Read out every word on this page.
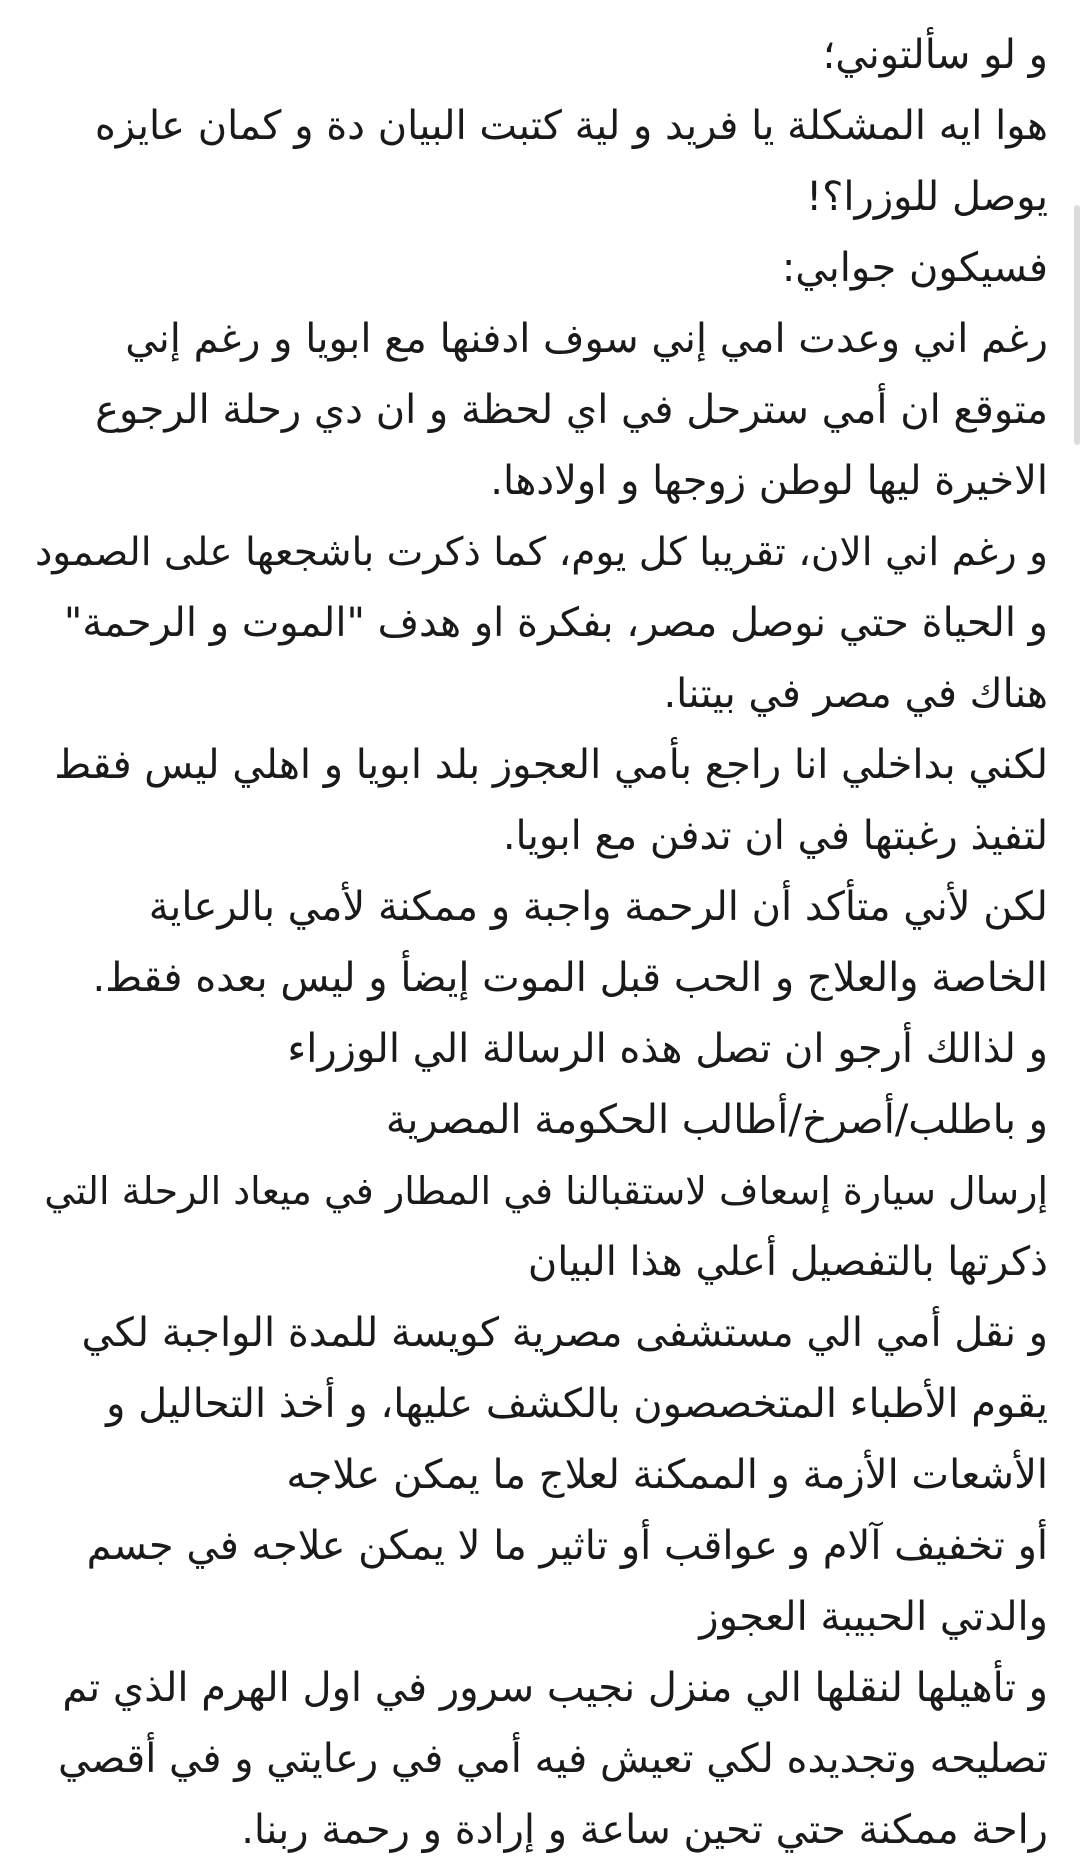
و لو سألتوني؛
هوا ايه المشكلة يا فريد و لية كتبت البيان دة و كمان عايزه
يوصل للوزرا؟!
فسيكون جوابي:
رغم اني وعدت امي إني سوف ادفنها مع ابويا و رغم إني
متوقع ان أمي سترحل في اي لحظة و ان دي رحلة الرجوع
الاخيرة ليها لوطن زوجها و اولادها.
و رغم اني الان، تقريبا كل يوم، كما ذكرت باشجعها على الصمود
و الحياة حتي نوصل مصر، بفكرة او هدف "الموت و الرحمة"
هناك في مصر في بيتنا.
لكني بداخلي انا راجع بأمي العجوز بلد ابويا و اهلي ليس فقط
لتفيذ رغبتها في ان تدفن مع ابويا.
لكن لأني متأكد أن الرحمة واجبة و ممكنة لأمي بالرعاية
الخاصة والعلاج و الحب قبل الموت إيضأ و ليس بعده فقط.
و لذالك أرجو ان تصل هذه الرسالة الي الوزراء
و باطلب/أصرخ/أطالب الحكومة المصرية
إرسال سيارة إسعاف لاستقبالنا في المطار في ميعاد الرحلة التي
ذكرتها بالتفصيل أعلي هذا البيان
و نقل أمي الي مستشفى مصرية كويسة للمدة الواجبة لكي
يقوم الأطباء المتخصصون بالكشف عليها، و أخذ التحاليل و
الأشعات الأزمة و الممكنة لعلاج ما يمكن علاجه
أو تخفيف آلام و عواقب أو تاثير ما لا يمكن علاجه في جسم
والدتي الحبيبة العجوز
و تأهيلها لنقلها الي منزل نجيب سرور في اول الهرم الذي تم
تصليحه وتجديده لكي تعيش فيه أمي في رعايتي و في أقصي
راحة ممكنة حتي تحين ساعة و إرادة و رحمة ربنا.
